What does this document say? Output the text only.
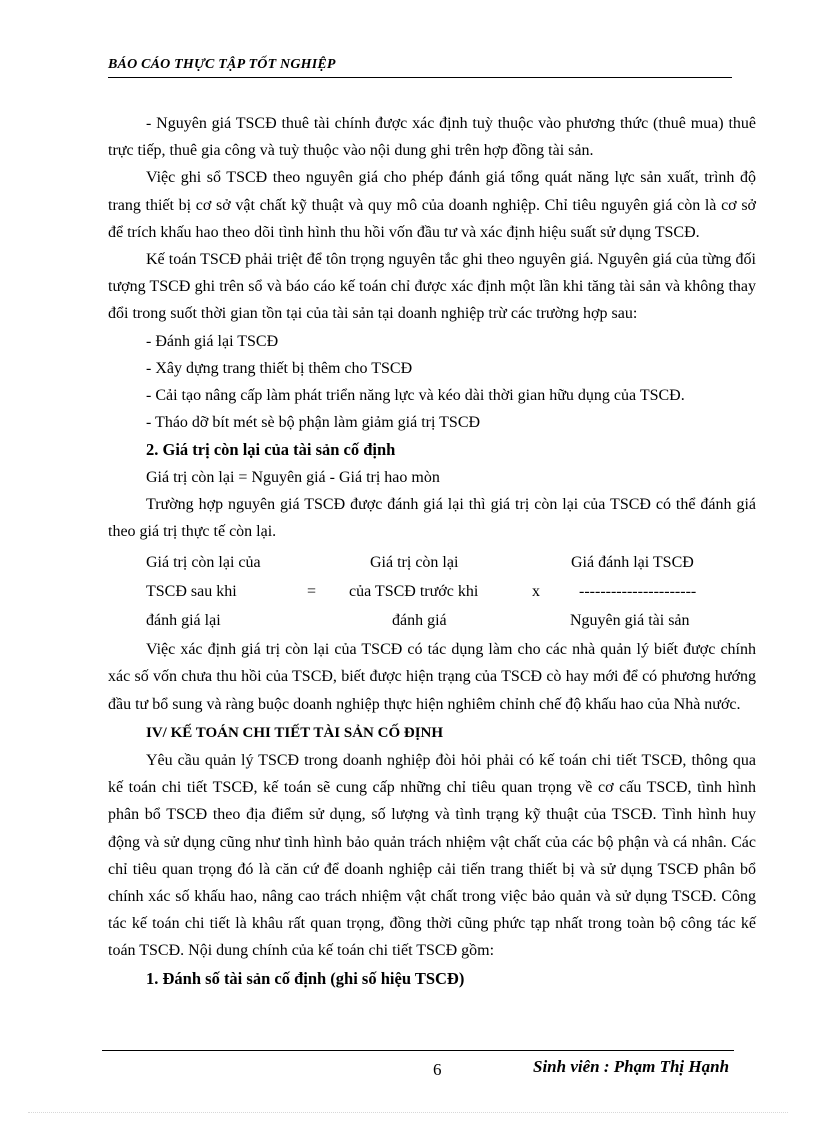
BÁO CÁO THỰC TẬP TỐT NGHIỆP

- Nguyên giá TSCĐ thuê tài chính được xác định tuỳ thuộc vào phương thức (thuê mua) thuê trực tiếp, thuê gia công và tuỳ thuộc vào nội dung ghi trên hợp đồng tài sản.

Việc ghi sổ TSCĐ theo nguyên giá cho phép đánh giá tổng quát năng lực sản xuất, trình độ trang thiết bị cơ sở vật chất kỹ thuật và quy mô của doanh nghiệp. Chỉ tiêu nguyên giá còn là cơ sở để trích khấu hao theo dõi tình hình thu hồi vốn đầu tư và xác định hiệu suất sử dụng TSCĐ.

Kế toán TSCĐ phải triệt để tôn trọng nguyên tắc ghi theo nguyên giá. Nguyên giá của từng đối tượng TSCĐ ghi trên sổ và báo cáo kế toán chỉ được xác định một lần khi tăng tài sản và không thay đổi trong suốt thời gian tồn tại của tài sản tại doanh nghiệp trừ các trường hợp sau:

- Đánh giá lại TSCĐ

- Xây dựng trang thiết bị thêm cho TSCĐ

- Cải tạo nâng cấp làm phát triển năng lực và kéo dài thời gian hữu dụng của TSCĐ.

- Tháo dỡ bít mét sè bộ phận làm giảm giá trị TSCĐ

2. Giá trị còn lại của tài sản cố định

Giá trị còn lại = Nguyên giá - Giá trị hao mòn

Trường hợp nguyên giá TSCĐ được đánh giá lại thì giá trị còn lại của TSCĐ có thể đánh giá theo giá trị thực tế còn lại.

Giá trị còn lại của	Giá trị còn lại	Giá đánh lại TSCĐ
TSCĐ sau khi	= của TSCĐ trước khi	x ----------------------
đánh giá lại	đánh giá	Nguyên giá tài sản

Việc xác định giá trị còn lại của TSCĐ có tác dụng làm cho các nhà quản lý biết được chính xác số vốn chưa thu hồi của TSCĐ, biết được hiện trạng của TSCĐ cò hay mới để có phương hướng đầu tư bổ sung và ràng buộc doanh nghiệp thực hiện nghiêm chỉnh chế độ khấu hao của Nhà nước.

IV/ KẾ TOÁN CHI TIẾT TÀI SẢN CỐ ĐỊNH

Yêu cầu quản lý TSCĐ trong doanh nghiệp đòi hỏi phải có kế toán chi tiết TSCĐ, thông qua kế toán chi tiết TSCĐ, kế toán sẽ cung cấp những chỉ tiêu quan trọng về cơ cấu TSCĐ, tình hình phân bổ TSCĐ theo địa điểm sử dụng, số lượng và tình trạng kỹ thuật của TSCĐ. Tình hình huy động và sử dụng cũng như tình hình bảo quản trách nhiệm vật chất của các bộ phận và cá nhân. Các chỉ tiêu quan trọng đó là căn cứ để doanh nghiệp cải tiến trang thiết bị và sử dụng TSCĐ phân bổ chính xác số khấu hao, nâng cao trách nhiệm vật chất trong việc bảo quản và sử dụng TSCĐ. Công tác kế toán chi tiết là khâu rất quan trọng, đồng thời cũng phức tạp nhất trong toàn bộ công tác kế toán TSCĐ. Nội dung chính của kế toán chi tiết TSCĐ gồm:

1. Đánh số tài sản cố định (ghi số hiệu TSCĐ)

6	Sinh viên : Phạm Thị Hạnh
